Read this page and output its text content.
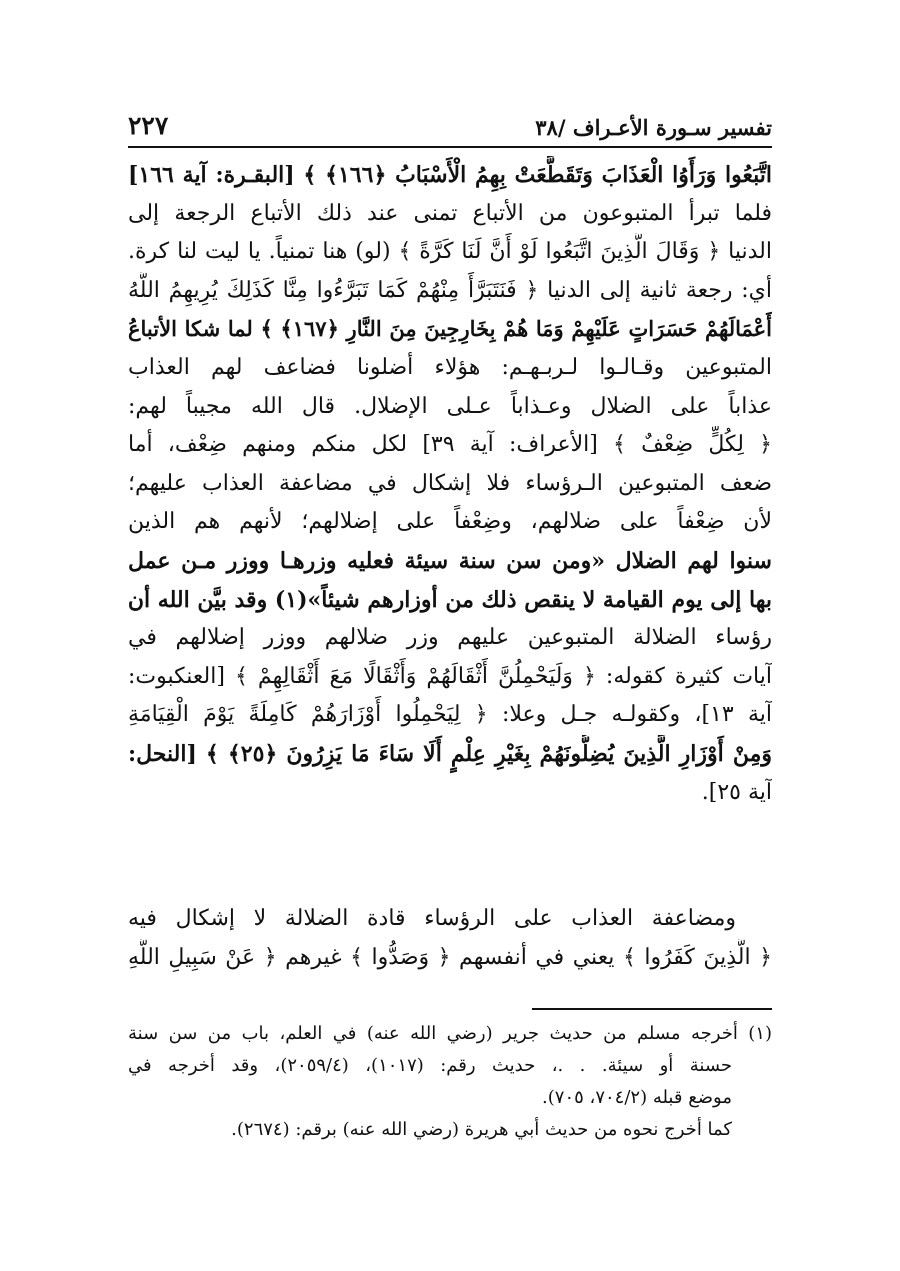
تفسير سـورة الأعـراف /٣٨
٢٢٧
اتَّبَعُوا وَرَأَوُا الْعَذَابَ وَتَقَطَّعَتْ بِهِمُ الْأَسْبَابُ ﴿١٦٦﴾ ﴾ [البقـرة: آية ١٦٦]
فلما تبرأ المتبوعون من الأتباع تمنى عند ذلك الأتباع الرجعة إلى
الدنيا ﴿ وَقَالَ الَّذِينَ اتَّبَعُوا لَوْ أَنَّ لَنَا كَرَّةً ﴾ (لو) هنا تمنياً. يا ليت لنا كرة.
أي: رجعة ثانية إلى الدنيا ﴿ فَنَتَبَرَّأَ مِنْهُمْ كَمَا تَبَرَّءُوا مِنَّا كَذَلِكَ يُرِيهِمُ اللَّهُ
أَعْمَالَهُمْ حَسَرَاتٍ عَلَيْهِمْ وَمَا هُمْ بِخَارِجِينَ مِنَ النَّارِ ﴿١٦٧﴾ ﴾ لما شكا الأتباعُ
المتبوعين وقـالـوا لـربـهـم: هؤلاء أضلونا فضاعف لهم العذاب
عذاباً على الضلال وعـذاباً عـلى الإضلال. قال الله مجيباً لهم:
﴿ لِكُلٍّ ضِعْفٌ ﴾ [الأعراف: آية ٣٩] لكل منكم ومنهم ضِعْف، أما
ضعف المتبوعين الـرؤساء فلا إشكال في مضاعفة العذاب عليهم؛
لأن ضِعْفاً على ضلالهم، وضِعْفاً على إضلالهم؛ لأنهم هم الذين
سنوا لهم الضلال «ومن سن سنة سيئة فعليه وزرهـا ووزر مـن عمل
بها إلى يوم القيامة لا ينقص ذلك من أوزارهم شيئاً»(١) وقد بيَّن الله أن
رؤساء الضلالة المتبوعين عليهم وزر ضلالهم ووزر إضلالهم في
آيات كثيرة كقوله: ﴿ وَلَيَحْمِلُنَّ أَثْقَالَهُمْ وَأَثْقَالًا مَعَ أَثْقَالِهِمْ ﴾ [العنكبوت:
آية ١٣]، وكقولـه جـل وعلا: ﴿ لِيَحْمِلُوا أَوْزَارَهُمْ كَامِلَةً يَوْمَ الْقِيَامَةِ
وَمِنْ أَوْزَارِ الَّذِينَ يُضِلُّونَهُمْ بِغَيْرِ عِلْمٍ أَلَا سَاءَ مَا يَزِرُونَ ﴿٢٥﴾ ﴾ [النحل:
آية ٢٥].
ومضاعفة العذاب على الرؤساء قادة الضلالة لا إشكال فيه
﴿ الَّذِينَ كَفَرُوا ﴾ يعني في أنفسهم ﴿ وَصَدُّوا ﴾ غيرهم ﴿ عَنْ سَبِيلِ اللَّهِ
(١) أخرجه مسلم من حديث جرير (رضي الله عنه) في العلم، باب من سن سنة
حسنة أو سيئة. . .، حديث رقم: (١٠١٧)، (٢٠٥٩/٤)، وقد أخرجه في
موضع قبله (٧٠٤/٢، ٧٠٥).
كما أخرج نحوه من حديث أبي هريرة (رضي الله عنه) برقم: (٢٦٧٤).
